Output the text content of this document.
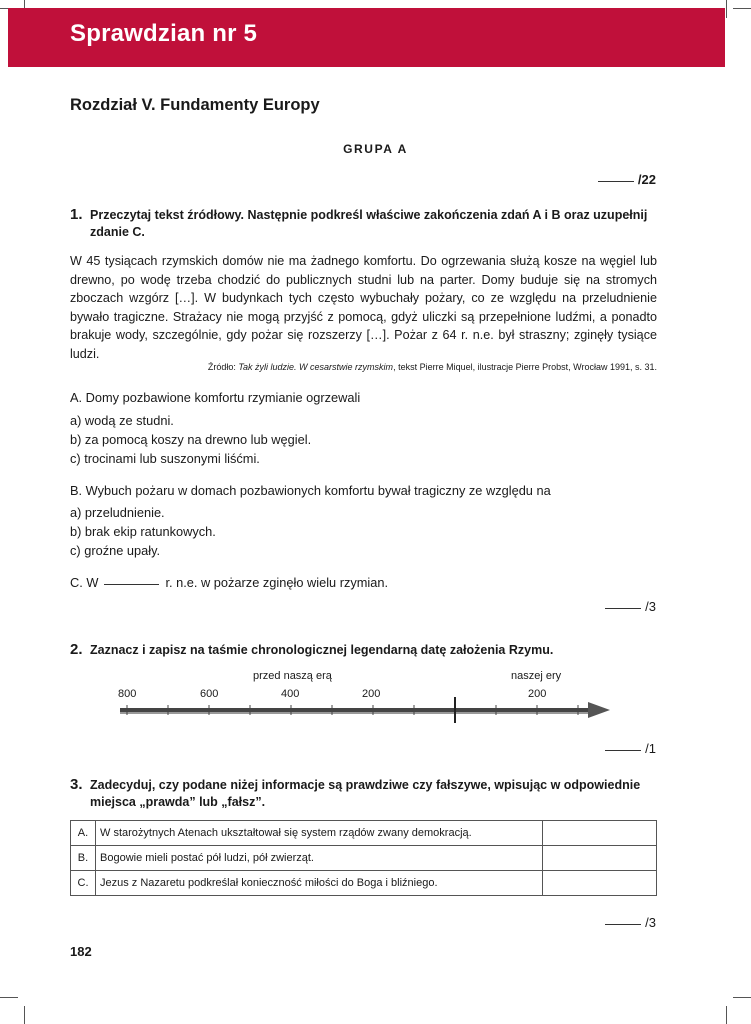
Sprawdzian nr 5
Rozdział V. Fundamenty Europy
GRUPA A
/22
1. Przeczytaj tekst źródłowy. Następnie podkreśl właściwe zakończenia zdań A i B oraz uzupełnij zdanie C.
W 45 tysiącach rzymskich domów nie ma żadnego komfortu. Do ogrzewania służą kosze na węgiel lub drewno, po wodę trzeba chodzić do publicznych studni lub na parter. Domy buduje się na stromych zboczach wzgórz […]. W budynkach tych często wybuchały pożary, co ze względu na przeludnienie bywało tragiczne. Strażacy nie mogą przyjść z pomocą, gdyż uliczki są przepełnione ludźmi, a ponadto brakuje wody, szczególnie, gdy pożar się rozszerzy […]. Pożar z 64 r. n.e. był straszny; zginęły tysiące ludzi.
Źródło: Tak żyli ludzie. W cesarstwie rzymskim, tekst Pierre Miquel, ilustracje Pierre Probst, Wrocław 1991, s. 31.
A. Domy pozbawione komfortu rzymianie ogrzewali
a) wodą ze studni.
b) za pomocą koszy na drewno lub węgiel.
c) trocinami lub suszonymi liśćmi.
B. Wybuch pożaru w domach pozbawionych komfortu bywał tragiczny ze względu na
a) przeludnienie.
b) brak ekip ratunkowych.
c) groźne upały.
C. W	r. n.e. w pożarze zginęło wielu rzymian.
/3
2. Zaznacz i zapisz na taśmie chronologicznej legendarną datę założenia Rzymu.
przed naszą erą	naszej ery
800	600	400	200	200
/1
3. Zadecyduj, czy podane niżej informacje są prawdziwe czy fałszywe, wpisując w odpowiednie miejsca „prawda” lub „fałsz”.
A.	W starożytnych Atenach ukształtował się system rządów zwany demokracją.	
B.	Bogowie mieli postać pół ludzi, pół zwierząt.	
C.	Jezus z Nazaretu podkreślał konieczność miłości do Boga i bliźniego.	
/3
182
